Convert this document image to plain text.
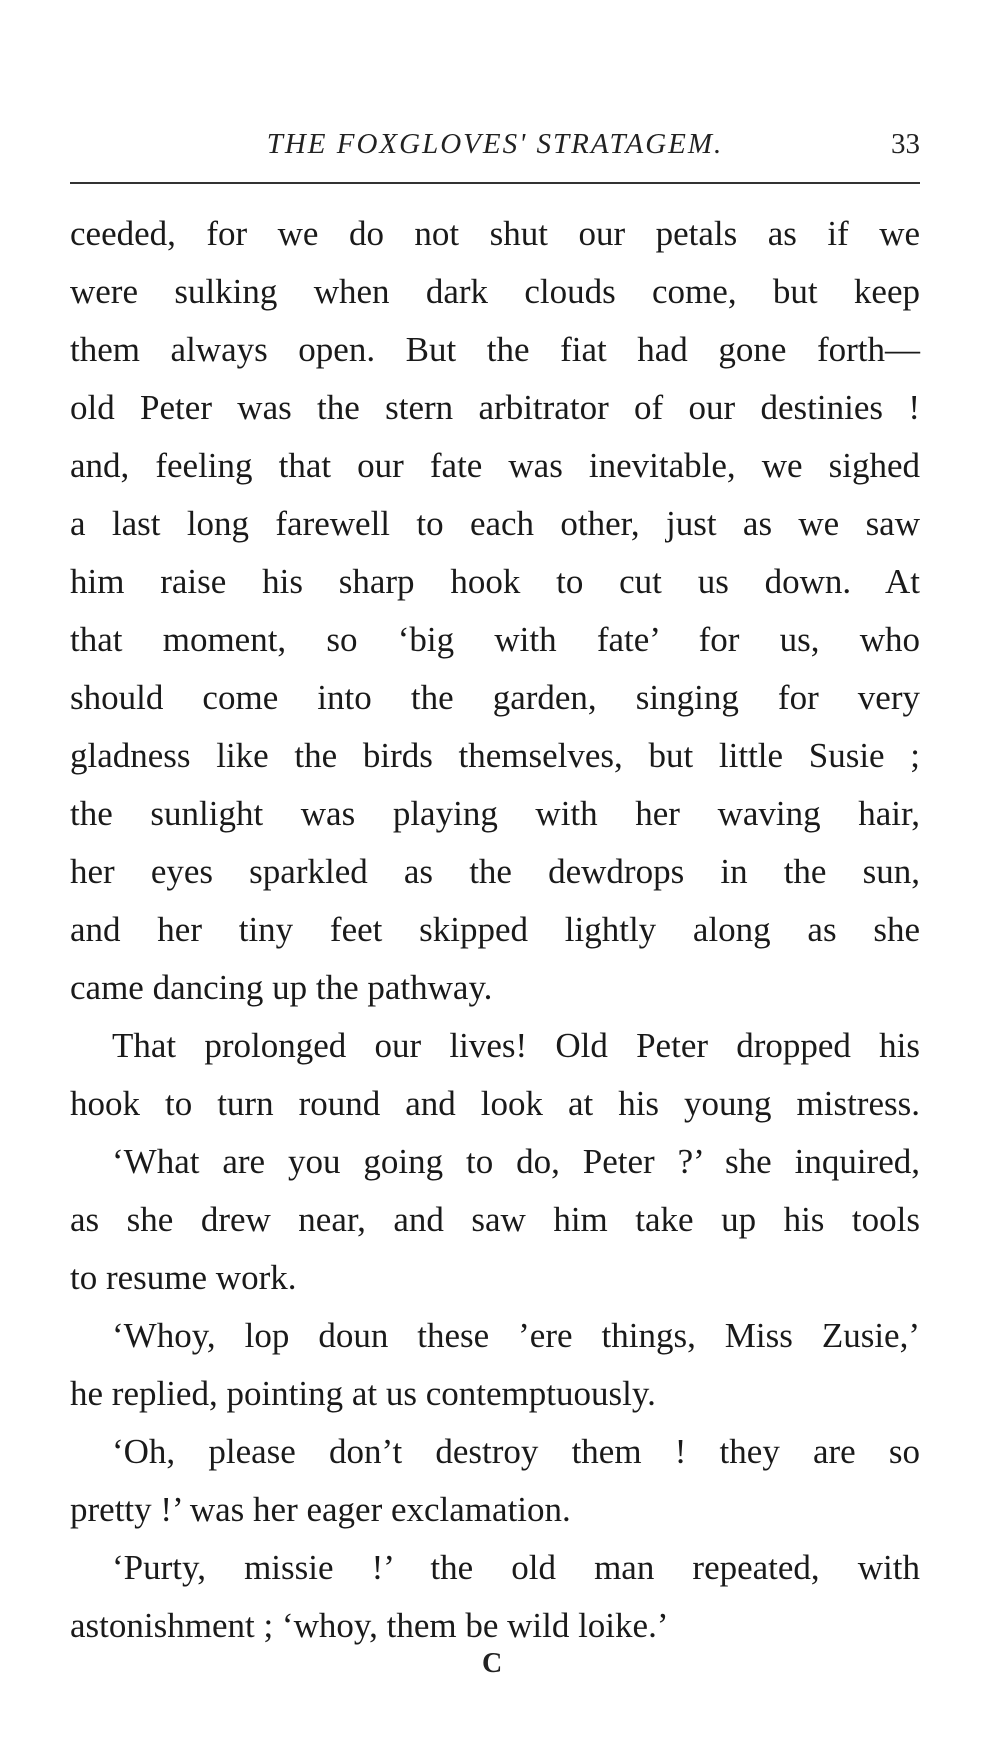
THE FOXGLOVES' STRATAGEM.	33
ceeded, for we do not shut our petals as if we
were sulking when dark clouds come, but keep
them always open. But the fiat had gone forth—
old Peter was the stern arbitrator of our destinies !
and, feeling that our fate was inevitable, we sighed
a last long farewell to each other, just as we saw
him raise his sharp hook to cut us down. At
that moment, so ‘big with fate’ for us, who
should come into the garden, singing for very
gladness like the birds themselves, but little Susie ;
the sunlight was playing with her waving hair,
her eyes sparkled as the dewdrops in the sun,
and her tiny feet skipped lightly along as she
came dancing up the pathway.
That prolonged our lives! Old Peter dropped his
hook to turn round and look at his young mistress.
‘What are you going to do, Peter ?’ she inquired,
as she drew near, and saw him take up his tools
to resume work.
‘Whoy, lop doun these ’ere things, Miss Zusie,’
he replied, pointing at us contemptuously.
‘Oh, please don’t destroy them ! they are so
pretty !’ was her eager exclamation.
‘Purty, missie !’ the old man repeated, with
astonishment ; ‘whoy, them be wild loike.’
C
